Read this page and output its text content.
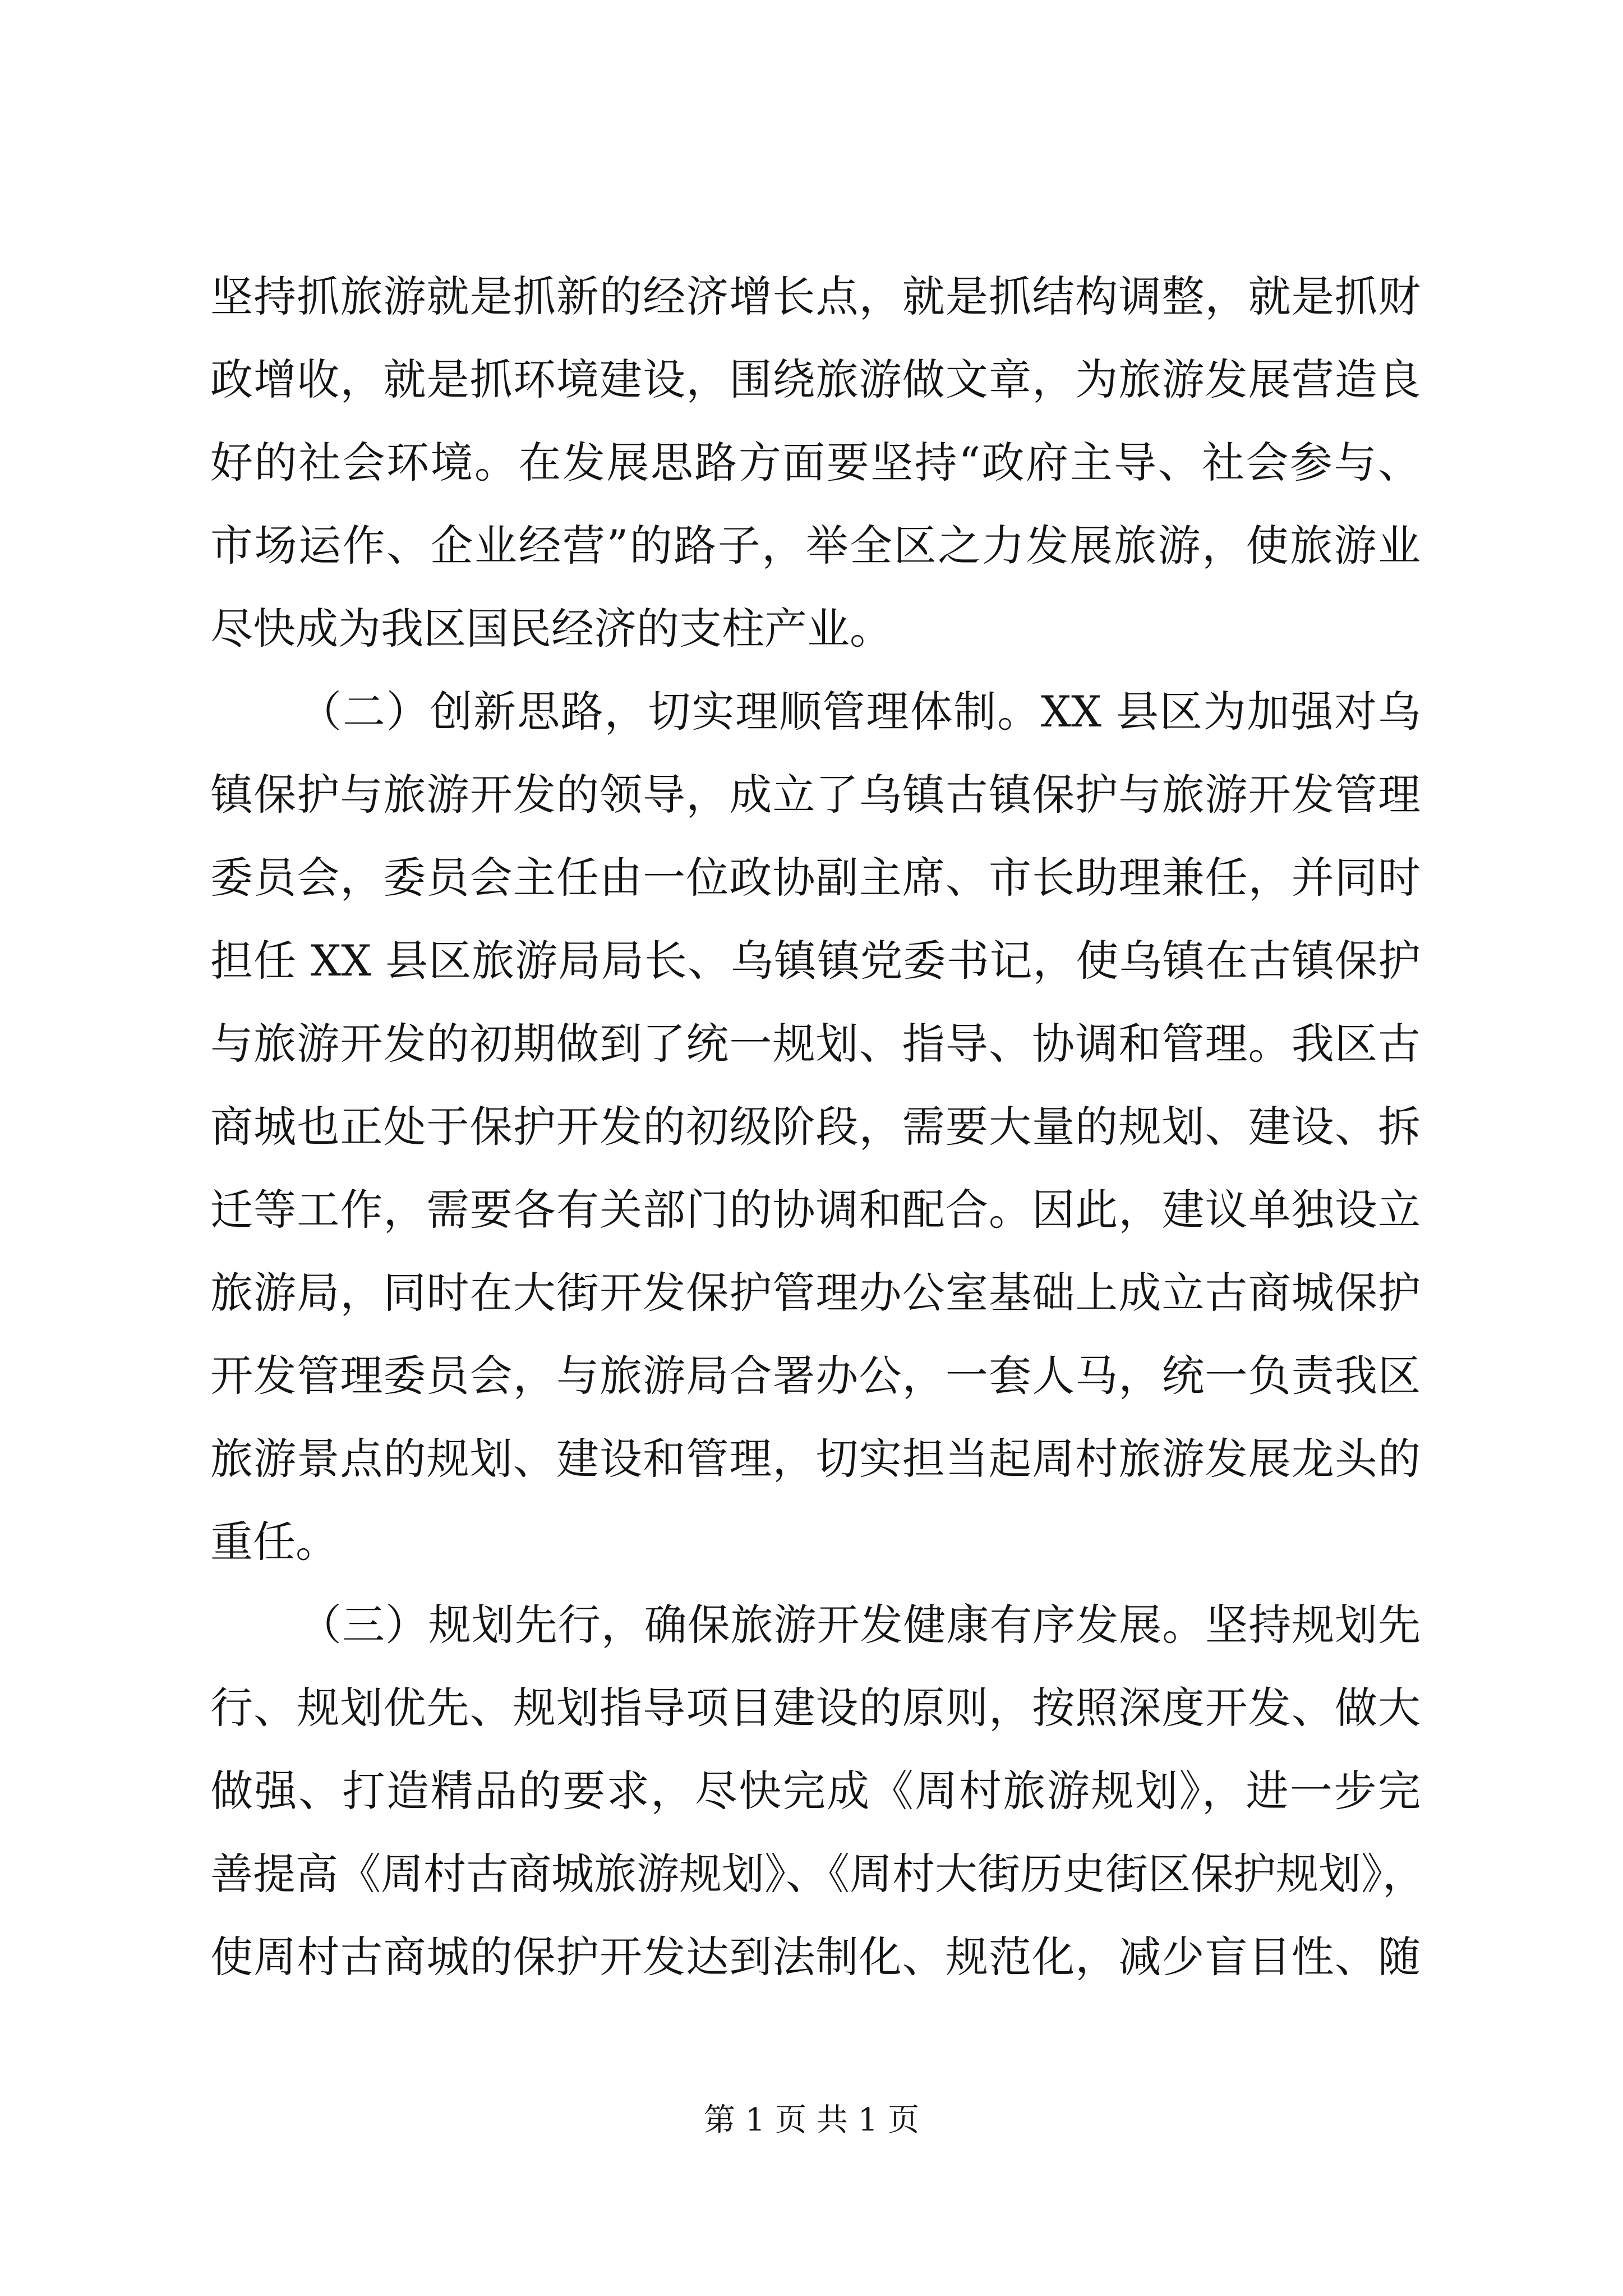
坚持抓旅游就是抓新的经济增长点，就是抓结构调整，就是抓财
政增收，就是抓环境建设，围绕旅游做文章，为旅游发展营造良
好的社会环境。在发展思路方面要坚持“政府主导、社会参与、
市场运作、企业经营”的路子，举全区之力发展旅游，使旅游业
尽快成为我区国民经济的支柱产业。
（二）创新思路，切实理顺管理体制。XX 县区为加强对乌
镇保护与旅游开发的领导，成立了乌镇古镇保护与旅游开发管理
委员会，委员会主任由一位政协副主席、市长助理兼任，并同时
担任 XX 县区旅游局局长、乌镇镇党委书记，使乌镇在古镇保护
与旅游开发的初期做到了统一规划、指导、协调和管理。我区古
商城也正处于保护开发的初级阶段，需要大量的规划、建设、拆
迁等工作，需要各有关部门的协调和配合。因此，建议单独设立
旅游局，同时在大街开发保护管理办公室基础上成立古商城保护
开发管理委员会，与旅游局合署办公，一套人马，统一负责我区
旅游景点的规划、建设和管理，切实担当起周村旅游发展龙头的
重任。
（三）规划先行，确保旅游开发健康有序发展。坚持规划先
行、规划优先、规划指导项目建设的原则，按照深度开发、做大
做强、打造精品的要求，尽快完成《周村旅游规划》，进一步完
善提高《周村古商城旅游规划》、《周村大街历史街区保护规划》，
使周村古商城的保护开发达到法制化、规范化，减少盲目性、随
第 1 页 共 1 页
